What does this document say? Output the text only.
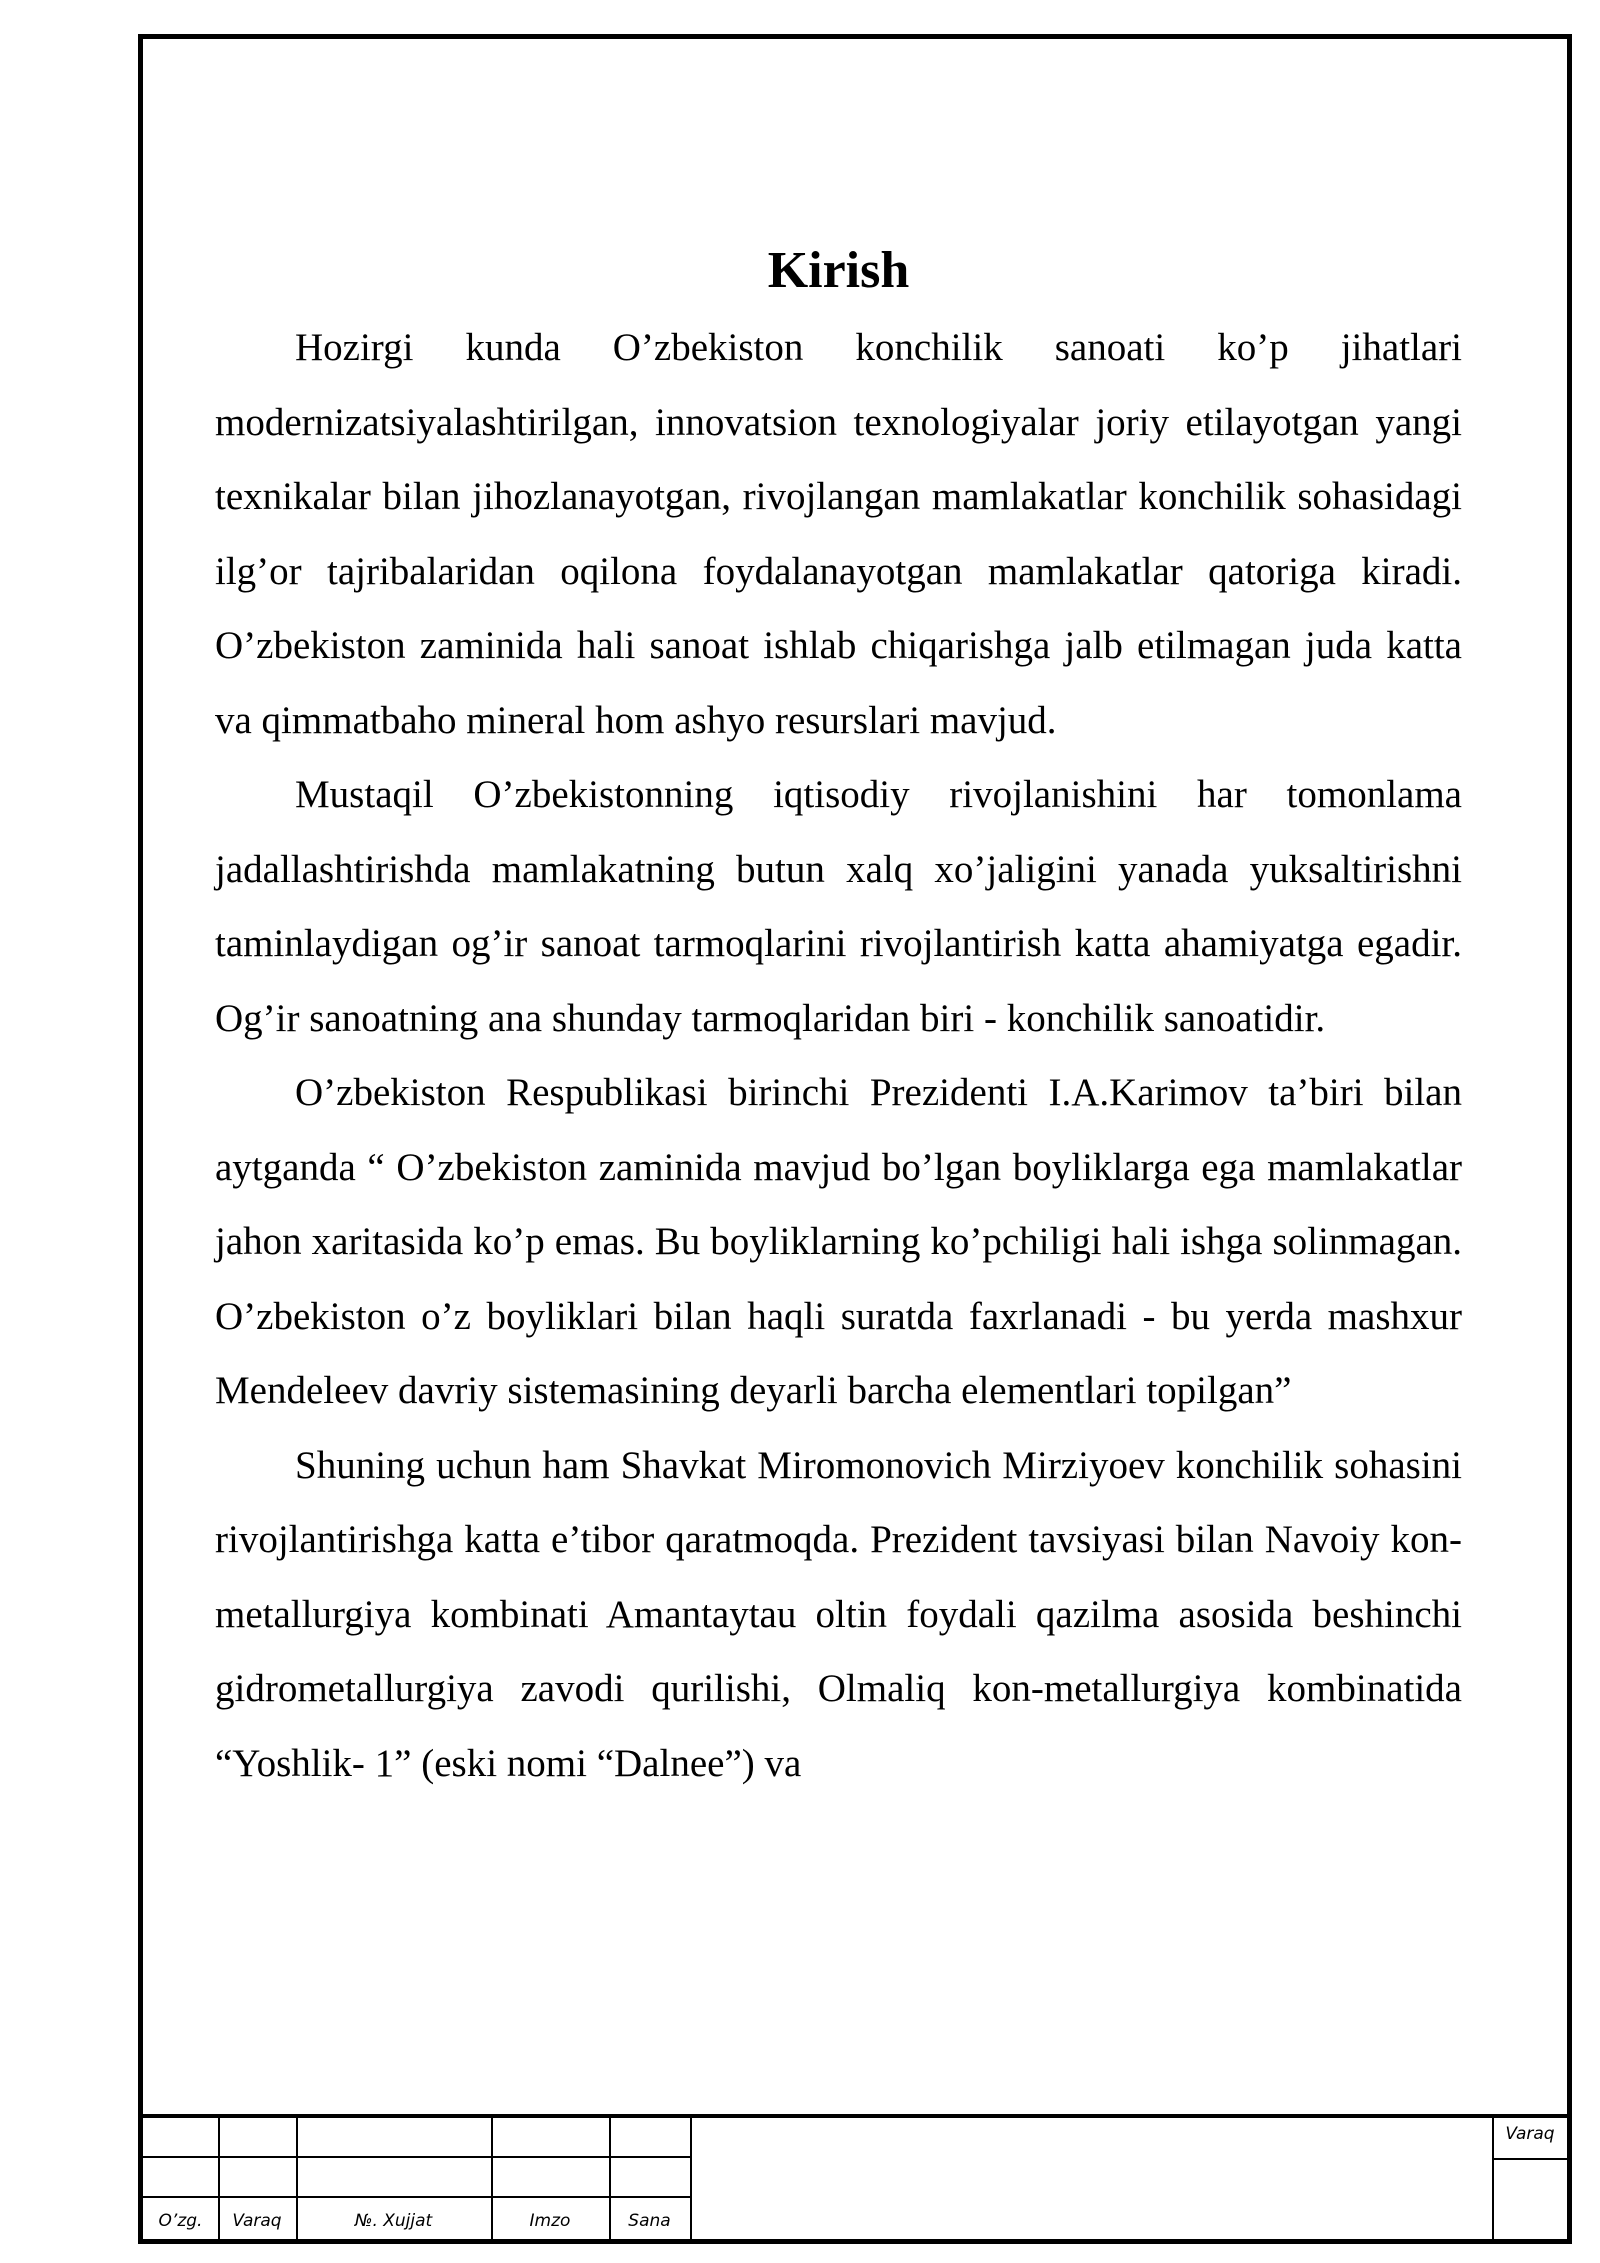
Kirish

Hozirgi kunda O’zbekiston konchilik sanoati ko’p jihatlari modernizatsiyalashtirilgan, innovatsion texnologiyalar joriy etilayotgan yangi texnikalar bilan jihozlanayotgan, rivojlangan mamlakatlar konchilik sohasidagi ilg’or tajribalaridan oqilona foydalanayotgan mamlakatlar qatoriga kiradi. O’zbekiston zaminida hali sanoat ishlab chiqarishga jalb etilmagan juda katta va qimmatbaho mineral hom ashyo resurslari mavjud.

Mustaqil O’zbekistonning iqtisodiy rivojlanishini har tomonlama jadallashtirishda mamlakatning butun xalq xo’jaligini yanada yuksaltirishni taminlaydigan og’ir sanoat tarmoqlarini rivojlantirish katta ahamiyatga egadir. Og’ir sanoatning ana shunday tarmoqlaridan biri - konchilik sanoatidir.

O’zbekiston Respublikasi birinchi Prezidenti I.A.Karimov ta’biri bilan aytganda “ O’zbekiston zaminida mavjud bo’lgan boyliklarga ega mamlakatlar jahon xaritasida ko’p emas. Bu boyliklarning ko’pchiligi hali ishga solinmagan. O’zbekiston o’z boyliklari bilan haqli suratda faxrlanadi - bu yerda mashxur Mendeleev davriy sistemasining deyarli barcha elementlari topilgan”

Shuning uchun ham Shavkat Miromonovich Mirziyoev konchilik sohasini rivojlantirishga katta e’tibor qaratmoqda. Prezident tavsiyasi bilan Navoiy kon- metallurgiya kombinati Amantaytau oltin foydali qazilma asosida beshinchi gidrometallurgiya zavodi qurilishi, Olmaliq kon-metallurgiya kombinatida “Yoshlik- 1” (eski nomi “Dalnee”) va

O’zg.	Varaq	№. Xujjat	Imzo	Sana
Varaq
